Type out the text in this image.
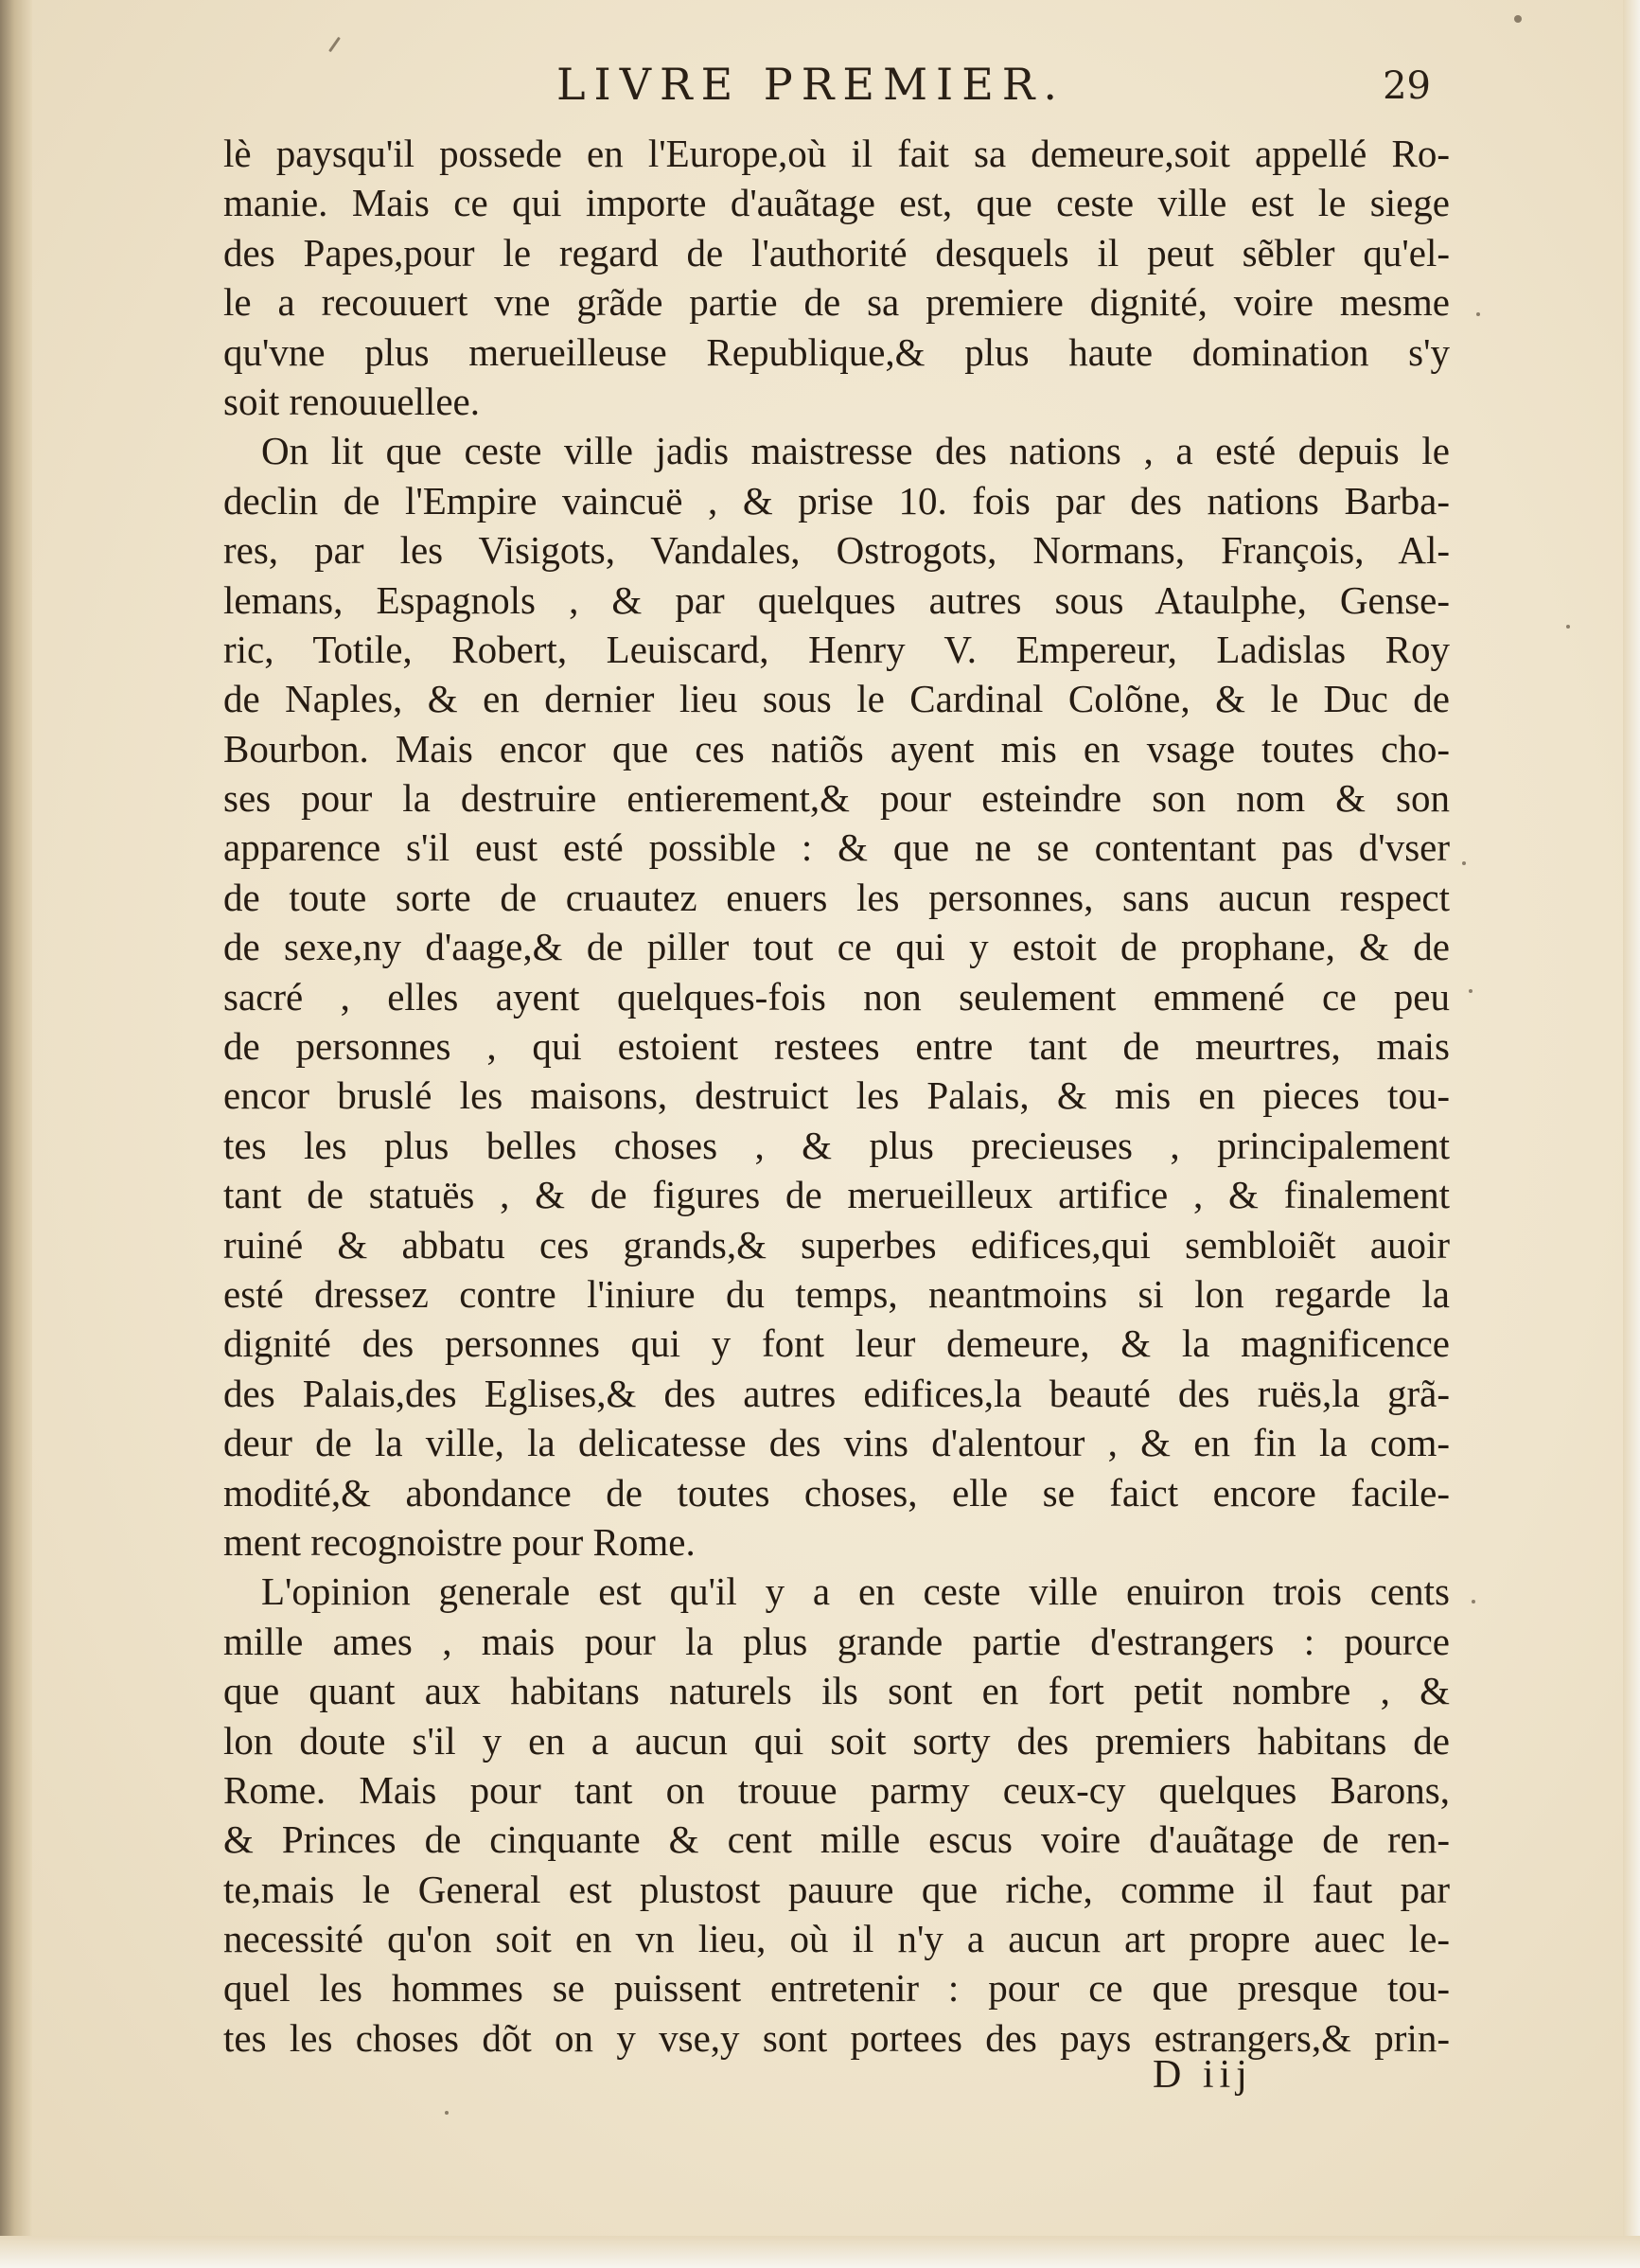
LIVRE PREMIER.	29
lè paysqu'il possede en l'Europe,où il fait sa demeure,soit appellé Ro-
manie. Mais ce qui importe d'auãtage est, que ceste ville est le siege
des Papes,pour le regard de l'authorité desquels il peut sẽbler qu'el-
le a recouuert vne grãde partie de sa premiere dignité, voire mesme
qu'vne plus merueilleuse Republique,& plus haute domination s'y
soit renouuellee.
On lit que ceste ville jadis maistresse des nations , a esté depuis le
declin de l'Empire vaincuë , & prise 10. fois par des nations Barba-
res, par les Visigots, Vandales, Ostrogots, Normans, François, Al-
lemans, Espagnols , & par quelques autres sous Ataulphe, Gense-
ric, Totile, Robert, Leuiscard, Henry V. Empereur, Ladislas Roy
de Naples, & en dernier lieu sous le Cardinal Colõne, & le Duc de
Bourbon. Mais encor que ces natiõs ayent mis en vsage toutes cho-
ses pour la destruire entierement,& pour esteindre son nom & son
apparence s'il eust esté possible : & que ne se contentant pas d'vser
de toute sorte de cruautez enuers les personnes, sans aucun respect
de sexe,ny d'aage,& de piller tout ce qui y estoit de prophane, & de
sacré , elles ayent quelques-fois non seulement emmené ce peu
de personnes , qui estoient restees entre tant de meurtres, mais
encor bruslé les maisons, destruict les Palais, & mis en pieces tou-
tes les plus belles choses , & plus precieuses , principalement
tant de statuës , & de figures de merueilleux artifice , & finalement
ruiné & abbatu ces grands,& superbes edifices,qui sembloiẽt auoir
esté dressez contre l'iniure du temps, neantmoins si lon regarde la
dignité des personnes qui y font leur demeure, & la magnificence
des Palais,des Eglises,& des autres edifices,la beauté des ruës,la grã-
deur de la ville, la delicatesse des vins d'alentour , & en fin la com-
modité,& abondance de toutes choses, elle se faict encore facile-
ment recognoistre pour Rome.
L'opinion generale est qu'il y a en ceste ville enuiron trois cents
mille ames , mais pour la plus grande partie d'estrangers : pource
que quant aux habitans naturels ils sont en fort petit nombre , &
lon doute s'il y en a aucun qui soit sorty des premiers habitans de
Rome. Mais pour tant on trouue parmy ceux-cy quelques Barons,
& Princes de cinquante & cent mille escus voire d'auãtage de ren-
te,mais le General est plustost pauure que riche, comme il faut par
necessité qu'on soit en vn lieu, où il n'y a aucun art propre auec le-
quel les hommes se puissent entretenir : pour ce que presque tou-
tes les choses dõt on y vse,y sont portees des pays estrangers,& prin-
D iij
